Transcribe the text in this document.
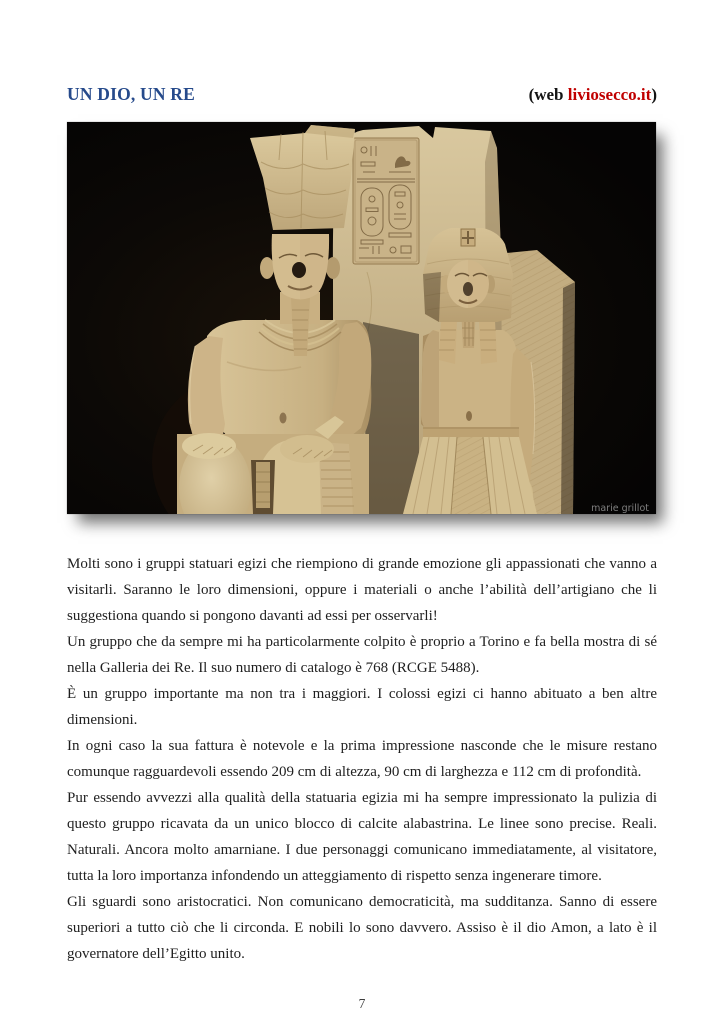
UN DIO, UN RE	(web liviosecco.it)
marie grillot

Molti sono i gruppi statuari egizi che riempiono di grande emozione gli appassionati che vanno a visitarli. Saranno le loro dimensioni, oppure i materiali o anche l’abilità dell’artigiano che li suggestiona quando si pongono davanti ad essi per osservarli!

Un gruppo che da sempre mi ha particolarmente colpito è proprio a Torino e fa bella mostra di sé nella Galleria dei Re. Il suo numero di catalogo è 768 (RCGE 5488).

È un gruppo importante ma non tra i maggiori. I colossi egizi ci hanno abituato a ben altre dimensioni.

In ogni caso la sua fattura è notevole e la prima impressione nasconde che le misure restano comunque ragguardevoli essendo 209 cm di altezza, 90 cm di larghezza e 112 cm di profondità.

Pur essendo avvezzi alla qualità della statuaria egizia mi ha sempre impressionato la pulizia di questo gruppo ricavata da un unico blocco di calcite alabastrina. Le linee sono precise. Reali. Naturali. Ancora molto amarniane. I due personaggi comunicano immediatamente, al visitatore, tutta la loro importanza infondendo un atteggiamento di rispetto senza ingenerare timore.

Gli sguardi sono aristocratici. Non comunicano democraticità, ma sudditanza. Sanno di essere superiori a tutto ciò che li circonda. E nobili lo sono davvero. Assiso è il dio Amon, a lato è il governatore dell’Egitto unito.

7
